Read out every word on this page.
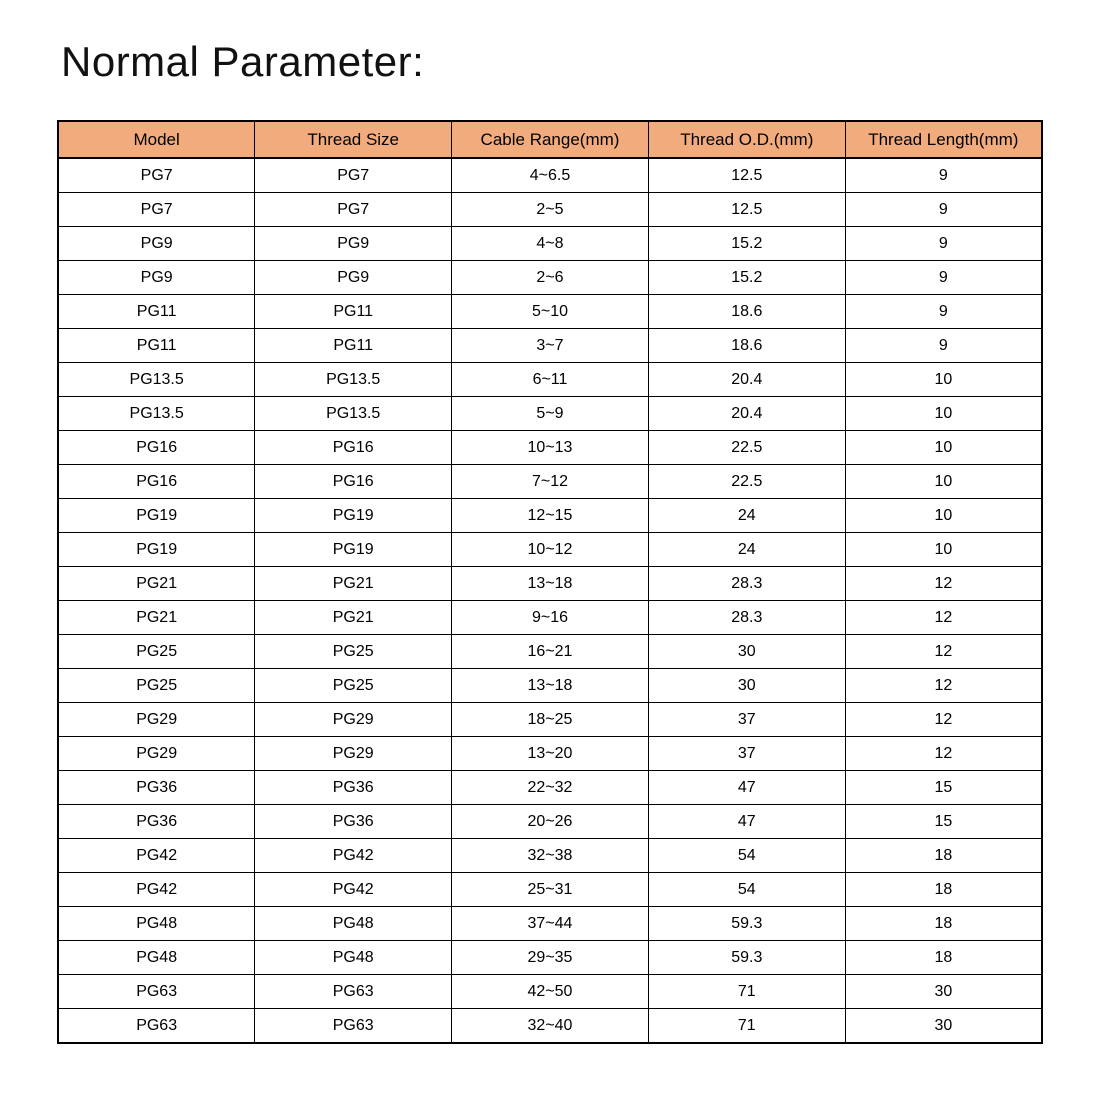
Normal Parameter:
Model	Thread Size	Cable Range(mm)	Thread O.D.(mm)	Thread Length(mm)
PG7	PG7	4~6.5	12.5	9
PG7	PG7	2~5	12.5	9
PG9	PG9	4~8	15.2	9
PG9	PG9	2~6	15.2	9
PG11	PG11	5~10	18.6	9
PG11	PG11	3~7	18.6	9
PG13.5	PG13.5	6~11	20.4	10
PG13.5	PG13.5	5~9	20.4	10
PG16	PG16	10~13	22.5	10
PG16	PG16	7~12	22.5	10
PG19	PG19	12~15	24	10
PG19	PG19	10~12	24	10
PG21	PG21	13~18	28.3	12
PG21	PG21	9~16	28.3	12
PG25	PG25	16~21	30	12
PG25	PG25	13~18	30	12
PG29	PG29	18~25	37	12
PG29	PG29	13~20	37	12
PG36	PG36	22~32	47	15
PG36	PG36	20~26	47	15
PG42	PG42	32~38	54	18
PG42	PG42	25~31	54	18
PG48	PG48	37~44	59.3	18
PG48	PG48	29~35	59.3	18
PG63	PG63	42~50	71	30
PG63	PG63	32~40	71	30
